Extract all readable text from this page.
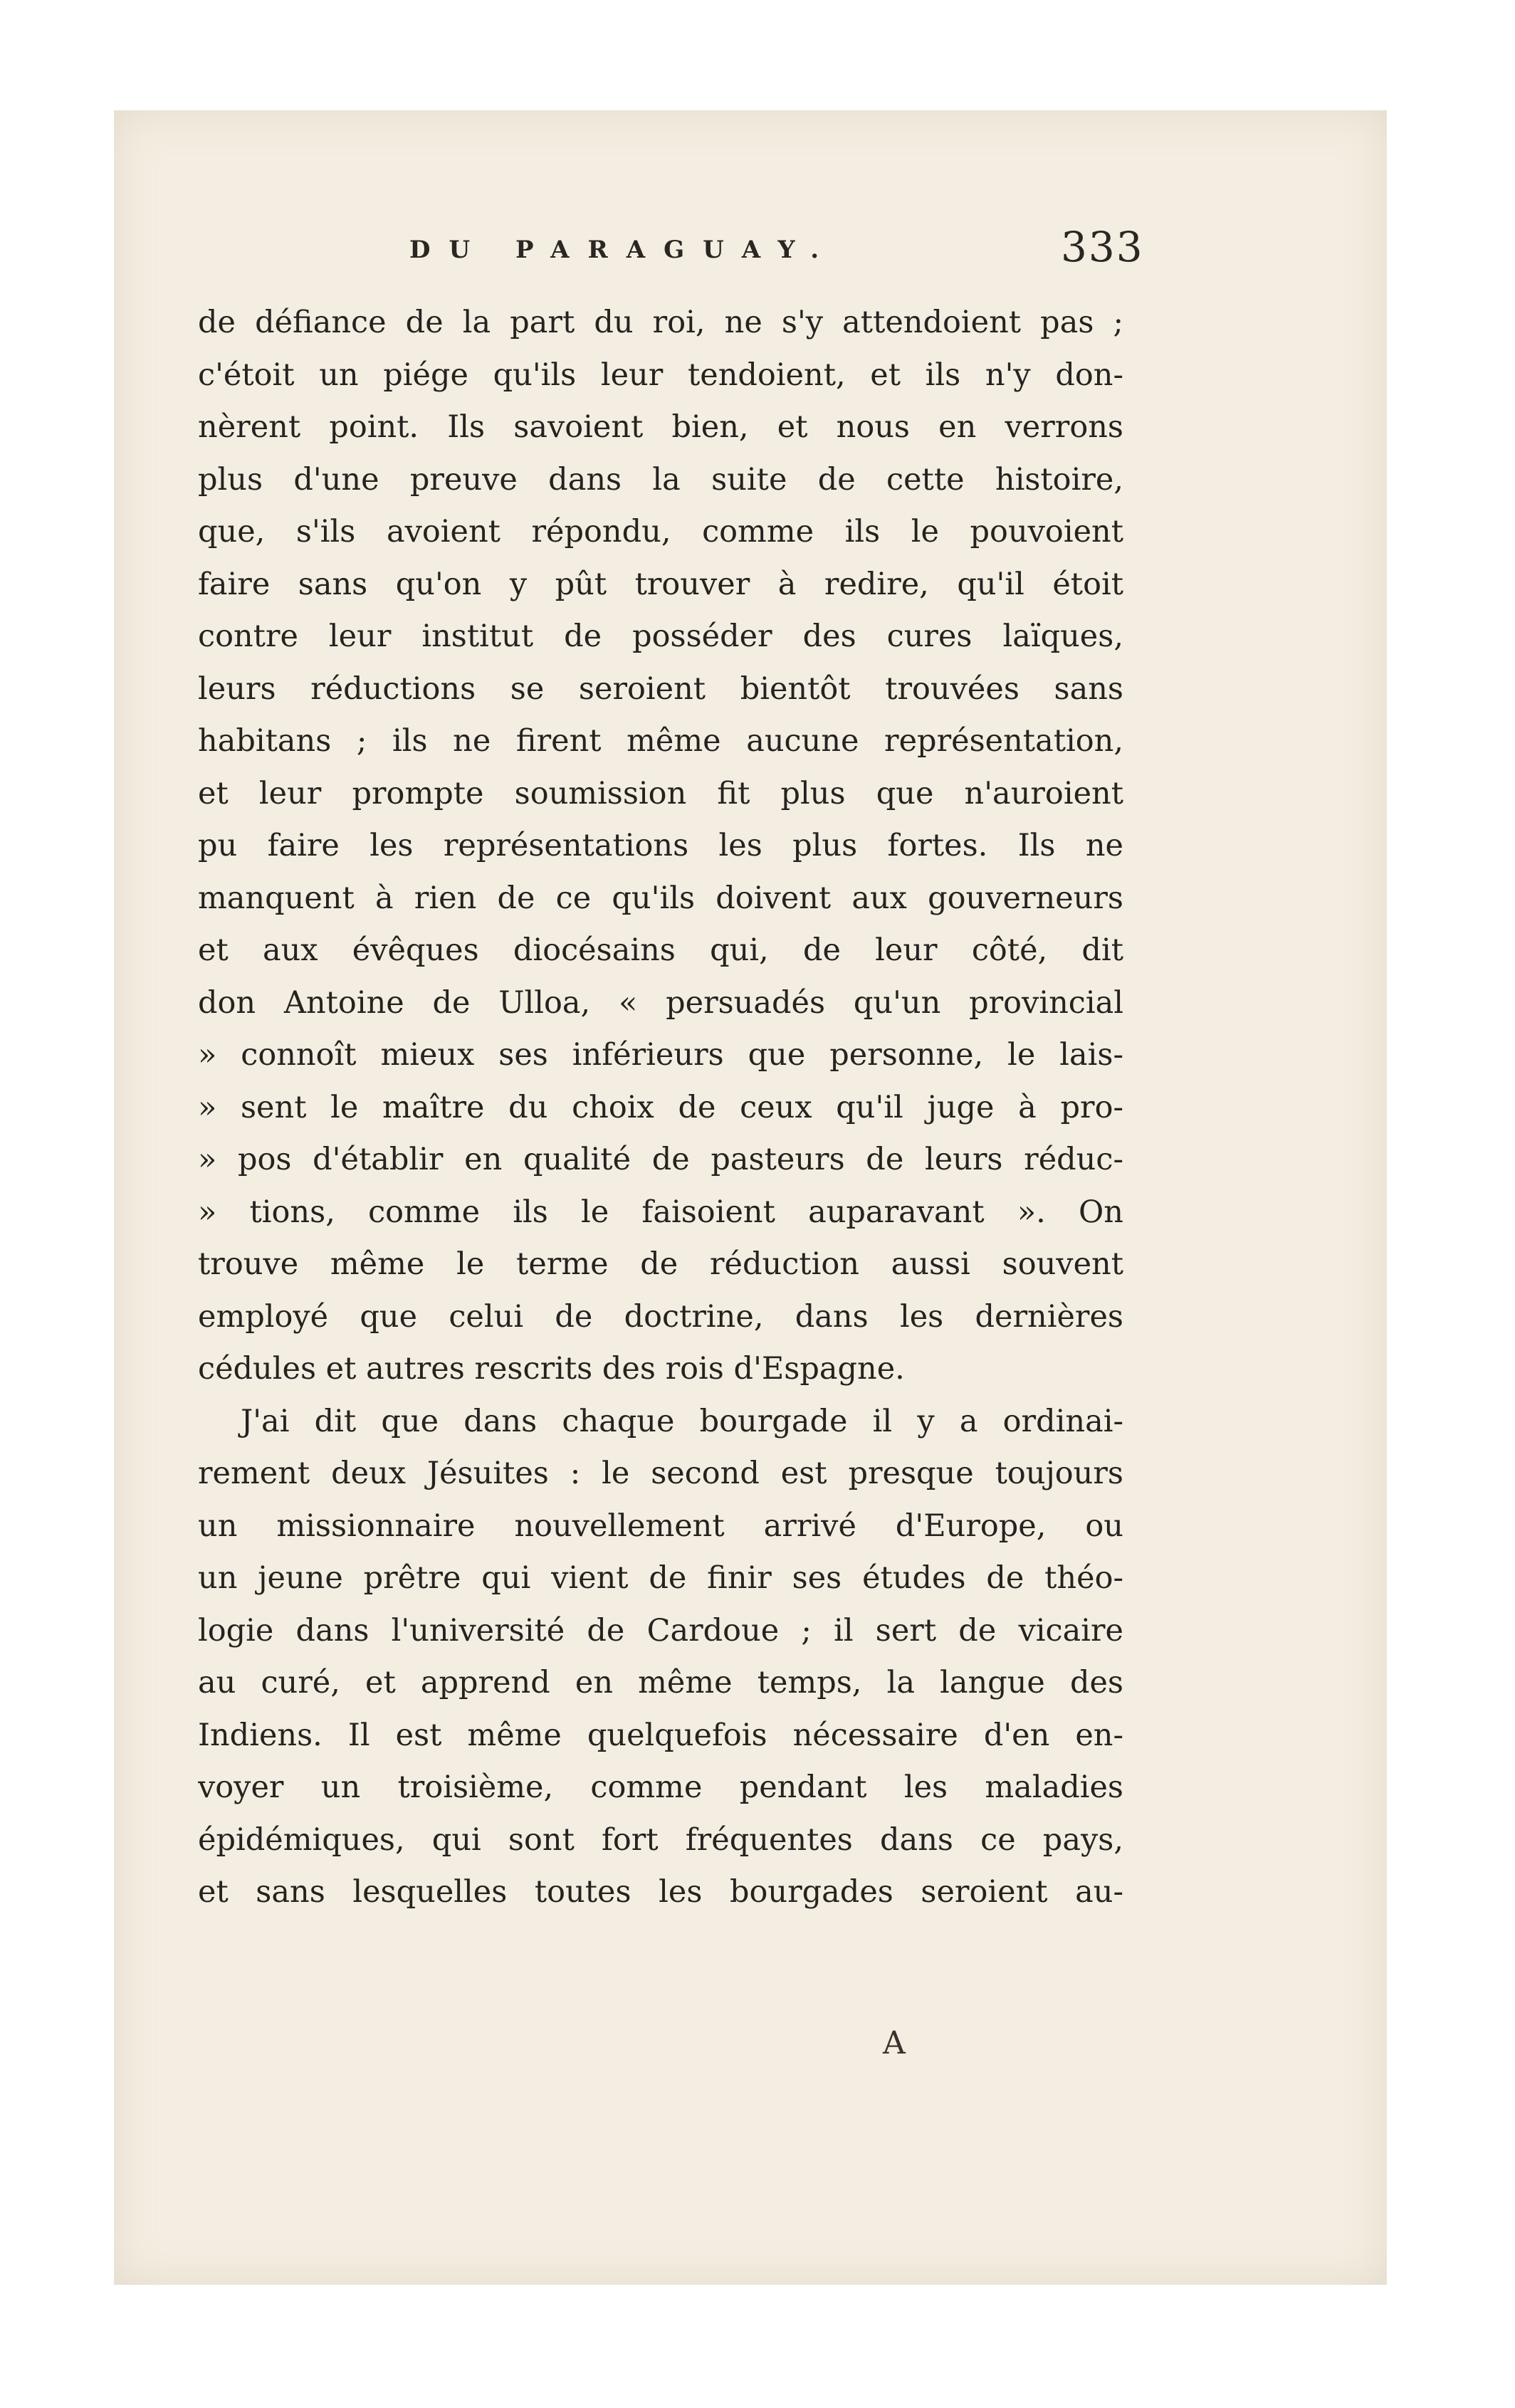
DU PARAGUAY.	333
de défiance de la part du roi, ne s'y attendoient pas ;
c'étoit un piége qu'ils leur tendoient, et ils n'y don-
nèrent point. Ils savoient bien, et nous en verrons
plus d'une preuve dans la suite de cette histoire,
que, s'ils avoient répondu, comme ils le pouvoient
faire sans qu'on y pût trouver à redire, qu'il étoit
contre leur institut de posséder des cures laïques,
leurs réductions se seroient bientôt trouvées sans
habitans ; ils ne firent même aucune représentation,
et leur prompte soumission fit plus que n'auroient
pu faire les représentations les plus fortes. Ils ne
manquent à rien de ce qu'ils doivent aux gouverneurs
et aux évêques diocésains qui, de leur côté, dit
don Antoine de Ulloa, « persuadés qu'un provincial
» connoît mieux ses inférieurs que personne, le lais-
» sent le maître du choix de ceux qu'il juge à pro-
» pos d'établir en qualité de pasteurs de leurs réduc-
» tions, comme ils le faisoient auparavant ». On
trouve même le terme de réduction aussi souvent
employé que celui de doctrine, dans les dernières
cédules et autres rescrits des rois d'Espagne.
J'ai dit que dans chaque bourgade il y a ordinai-
rement deux Jésuites : le second est presque toujours
un missionnaire nouvellement arrivé d'Europe, ou
un jeune prêtre qui vient de finir ses études de théo-
logie dans l'université de Cardoue ; il sert de vicaire
au curé, et apprend en même temps, la langue des
Indiens. Il est même quelquefois nécessaire d'en en-
voyer un troisième, comme pendant les maladies
épidémiques, qui sont fort fréquentes dans ce pays,
et sans lesquelles toutes les bourgades seroient au-
A
